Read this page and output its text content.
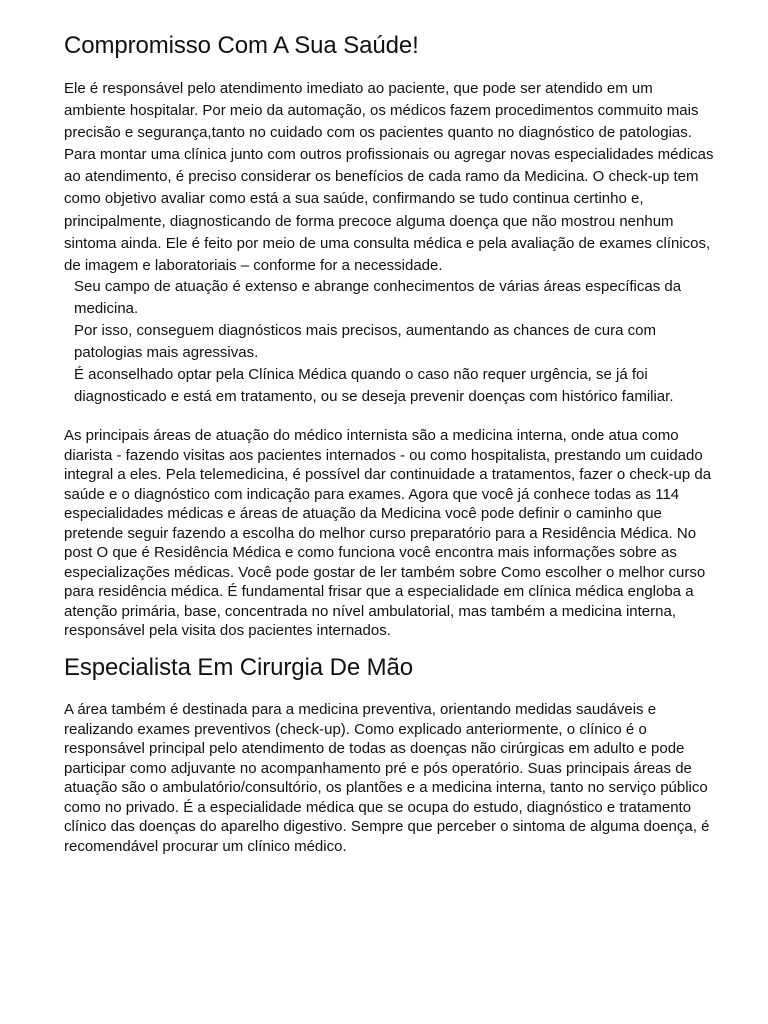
Compromisso Com A Sua Saúde!

Ele é responsável pelo atendimento imediato ao paciente, que pode ser atendido em um ambiente hospitalar. Por meio da automação, os médicos fazem procedimentos commuito mais precisão e segurança,tanto no cuidado com os pacientes quanto no diagnóstico de patologias. Para montar uma clínica junto com outros profissionais ou agregar novas especialidades médicas ao atendimento, é preciso considerar os benefícios de cada ramo da Medicina. O check-up tem como objetivo avaliar como está a sua saúde, confirmando se tudo continua certinho e, principalmente, diagnosticando de forma precoce alguma doença que não mostrou nenhum sintoma ainda. Ele é feito por meio de uma consulta médica e pela avaliação de exames clínicos, de imagem e laboratoriais – conforme for a necessidade.

Seu campo de atuação é extenso e abrange conhecimentos de várias áreas específicas da medicina.
Por isso, conseguem diagnósticos mais precisos, aumentando as chances de cura com patologias mais agressivas.
É aconselhado optar pela Clínica Médica quando o caso não requer urgência, se já foi diagnosticado e está em tratamento, ou se deseja prevenir doenças com histórico familiar.

As principais áreas de atuação do médico internista são a medicina interna, onde atua como diarista - fazendo visitas aos pacientes internados - ou como hospitalista, prestando um cuidado integral a eles. Pela telemedicina, é possível dar continuidade a tratamentos, fazer o check-up da saúde e o diagnóstico com indicação para exames. Agora que você já conhece todas as 114 especialidades médicas e áreas de atuação da Medicina você pode definir o caminho que pretende seguir fazendo a escolha do melhor curso preparatório para a Residência Médica. No post O que é Residência Médica e como funciona você encontra mais informações sobre as especializações médicas. Você pode gostar de ler também sobre Como escolher o melhor curso para residência médica. É fundamental frisar que a especialidade em clínica médica engloba a atenção primária, base, concentrada no nível ambulatorial, mas também a medicina interna, responsável pela visita dos pacientes internados.

Especialista Em Cirurgia De Mão

A área também é destinada para a medicina preventiva, orientando medidas saudáveis e realizando exames preventivos (check-up). Como explicado anteriormente, o clínico é o responsável principal pelo atendimento de todas as doenças não cirúrgicas em adulto e pode participar como adjuvante no acompanhamento pré e pós operatório. Suas principais áreas de atuação são o ambulatório/consultório, os plantões e a medicina interna, tanto no serviço público como no privado. É a especialidade médica que se ocupa do estudo, diagnóstico e tratamento clínico das doenças do aparelho digestivo. Sempre que perceber o sintoma de alguma doença, é recomendável procurar um clínico médico.
